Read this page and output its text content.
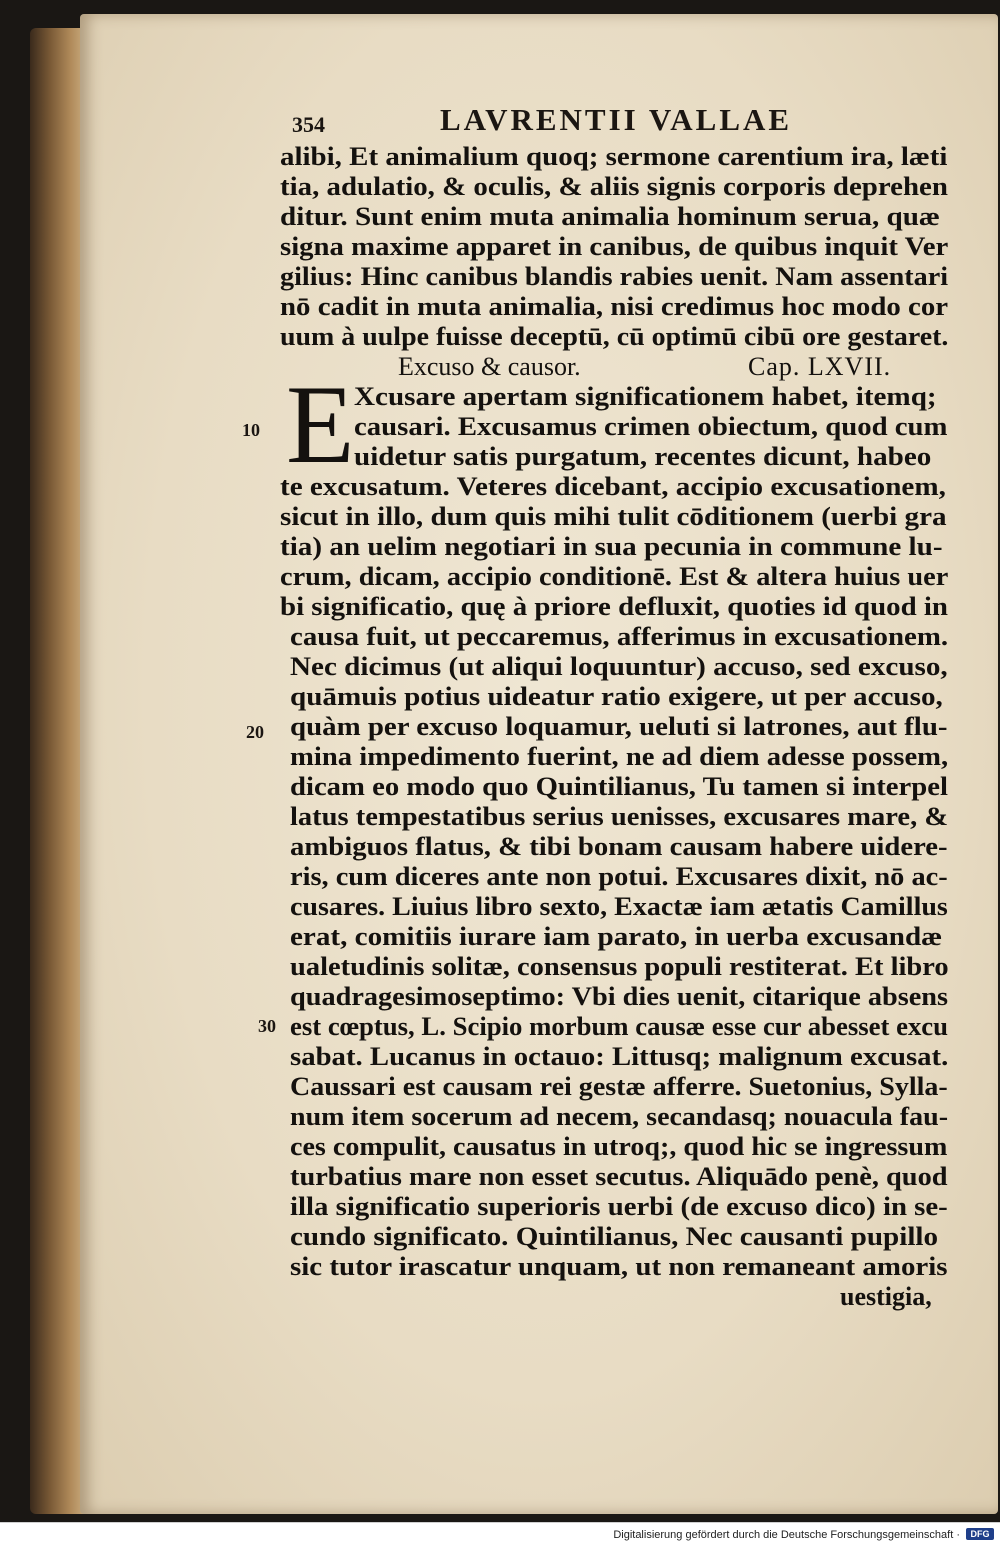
354	LAVRENTII VALLAE
E
alibi, Et animalium quoq; sermone carentium ira, læti
tia, adulatio, & oculis, & aliis signis corporis deprehen
ditur. Sunt enim muta animalia hominum serua, quæ
signa maxime apparet in canibus, de quibus inquit Ver
gilius: Hinc canibus blandis rabies uenit. Nam assentari
nō cadit in muta animalia, nisi credimus hoc modo cor
uum à uulpe fuisse deceptū, cū optimū cibū ore gestaret.
Excuso & causor.	Cap. LXVII.
Xcusare apertam significationem habet, itemq;
causari. Excusamus crimen obiectum, quod cum
uidetur satis purgatum, recentes dicunt, habeo
te excusatum. Veteres dicebant, accipio excusationem,
sicut in illo, dum quis mihi tulit cōditionem (uerbi gra
tia) an uelim negotiari in sua pecunia in commune lu-
crum, dicam, accipio conditionē. Est & altera huius uer
bi significatio, quę à priore defluxit, quoties id quod in
causa fuit, ut peccaremus, afferimus in excusationem.
Nec dicimus (ut aliqui loquuntur) accuso, sed excuso,
quāmuis potius uideatur ratio exigere, ut per accuso,
quàm per excuso loquamur, ueluti si latrones, aut flu-
mina impedimento fuerint, ne ad diem adesse possem,
dicam eo modo quo Quintilianus, Tu tamen si interpel
latus tempestatibus serius uenisses, excusares mare, &
ambiguos flatus, & tibi bonam causam habere uidere-
ris, cum diceres ante non potui. Excusares dixit, nō ac-
cusares. Liuius libro sexto, Exactæ iam ætatis Camillus
erat, comitiis iurare iam parato, in uerba excusandæ
ualetudinis solitæ, consensus populi restiterat. Et libro
quadragesimoseptimo: Vbi dies uenit, citarique absens
est cœptus, L. Scipio morbum causæ esse cur abesset excu
sabat. Lucanus in octauo: Littusq; malignum excusat.
Caussari est causam rei gestæ afferre. Suetonius, Sylla-
num item socerum ad necem, secandasq; nouacula fau-
ces compulit, causatus in utroq;, quod hic se ingressum
turbatius mare non esset secutus. Aliquādo penè, quod
illa significatio superioris uerbi (de excuso dico) in se-
cundo significato. Quintilianus, Nec causanti pupillo
sic tutor irascatur unquam, ut non remaneant amoris
uestigia,
10
20
30
Digitalisierung gefördert durch die Deutsche Forschungsgemeinschaft ·	DFG
